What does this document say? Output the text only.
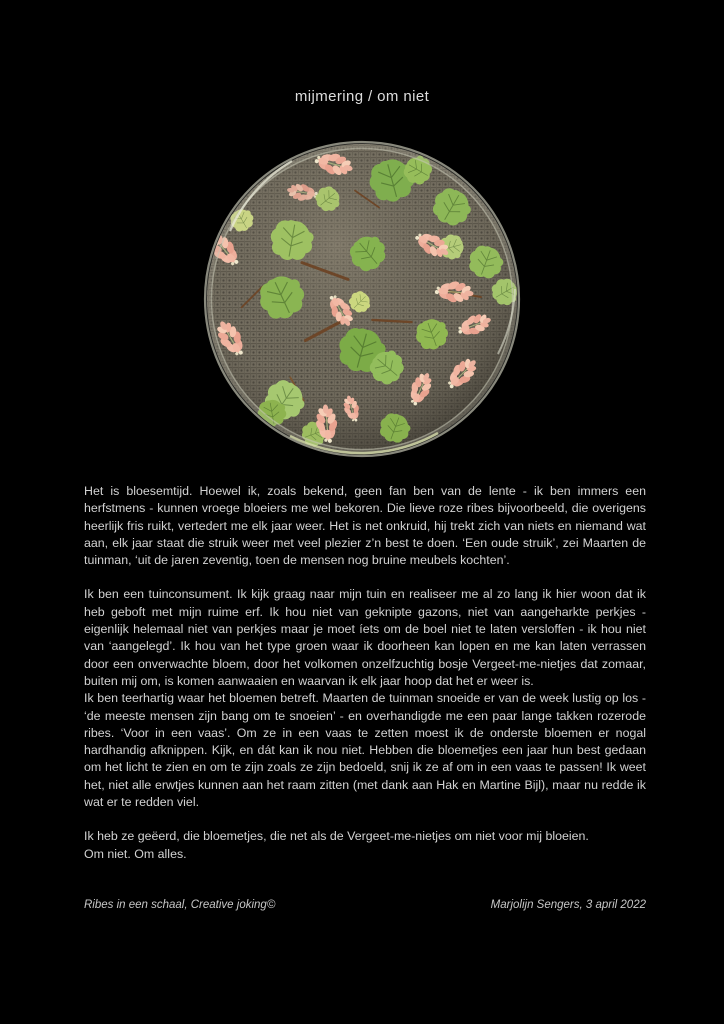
mijmering / om niet

Het is bloesemtijd. Hoewel ik, zoals bekend, geen fan ben van de lente - ik ben immers een herfstmens - kunnen vroege bloeiers me wel bekoren. Die lieve roze ribes bijvoorbeeld, die overigens heerlijk fris ruikt, vertedert me elk jaar weer. Het is net onkruid, hij trekt zich van niets en niemand wat aan, elk jaar staat die struik weer met veel plezier z’n best te doen. ‘Een oude struik’, zei Maarten de tuinman, ‘uit de jaren zeventig, toen de mensen nog bruine meubels kochten’.

Ik ben een tuinconsument. Ik kijk graag naar mijn tuin en realiseer me al zo lang ik hier woon dat ik heb geboft met mijn ruime erf. Ik hou niet van geknipte gazons, niet van aangeharkte perkjes - eigenlijk helemaal niet van perkjes maar je moet íets om de boel niet te laten versloffen - ik hou niet van ‘aangelegd’. Ik hou van het type groen waar ik doorheen kan lopen en me kan laten verrassen door een onverwachte bloem, door het volkomen onzelfzuchtig bosje Vergeet-me-nietjes dat zomaar, buiten mij om, is komen aanwaaien en waarvan ik elk jaar hoop dat het er weer is.

Ik ben teerhartig waar het bloemen betreft. Maarten de tuinman snoeide er van de week lustig op los - ‘de meeste mensen zijn bang om te snoeien’ - en overhandigde me een paar lange takken rozerode ribes. ‘Voor in een vaas’. Om ze in een vaas te zetten moest ik de onderste bloemen er nogal hardhandig afknippen. Kijk, en dát kan ik nou niet. Hebben die bloemetjes een jaar hun best gedaan om het licht te zien en om te zijn zoals ze zijn bedoeld, snij ik ze af om in een vaas te passen! Ik weet het, niet alle erwtjes kunnen aan het raam zitten (met dank aan Hak en Martine Bijl), maar nu redde ik wat er te redden viel.

Ik heb ze geëerd, die bloemetjes, die net als de Vergeet-me-nietjes om niet voor mij bloeien.

Om niet. Om alles.

Ribes in een schaal, Creative joking©	Marjolijn Sengers, 3 april 2022
